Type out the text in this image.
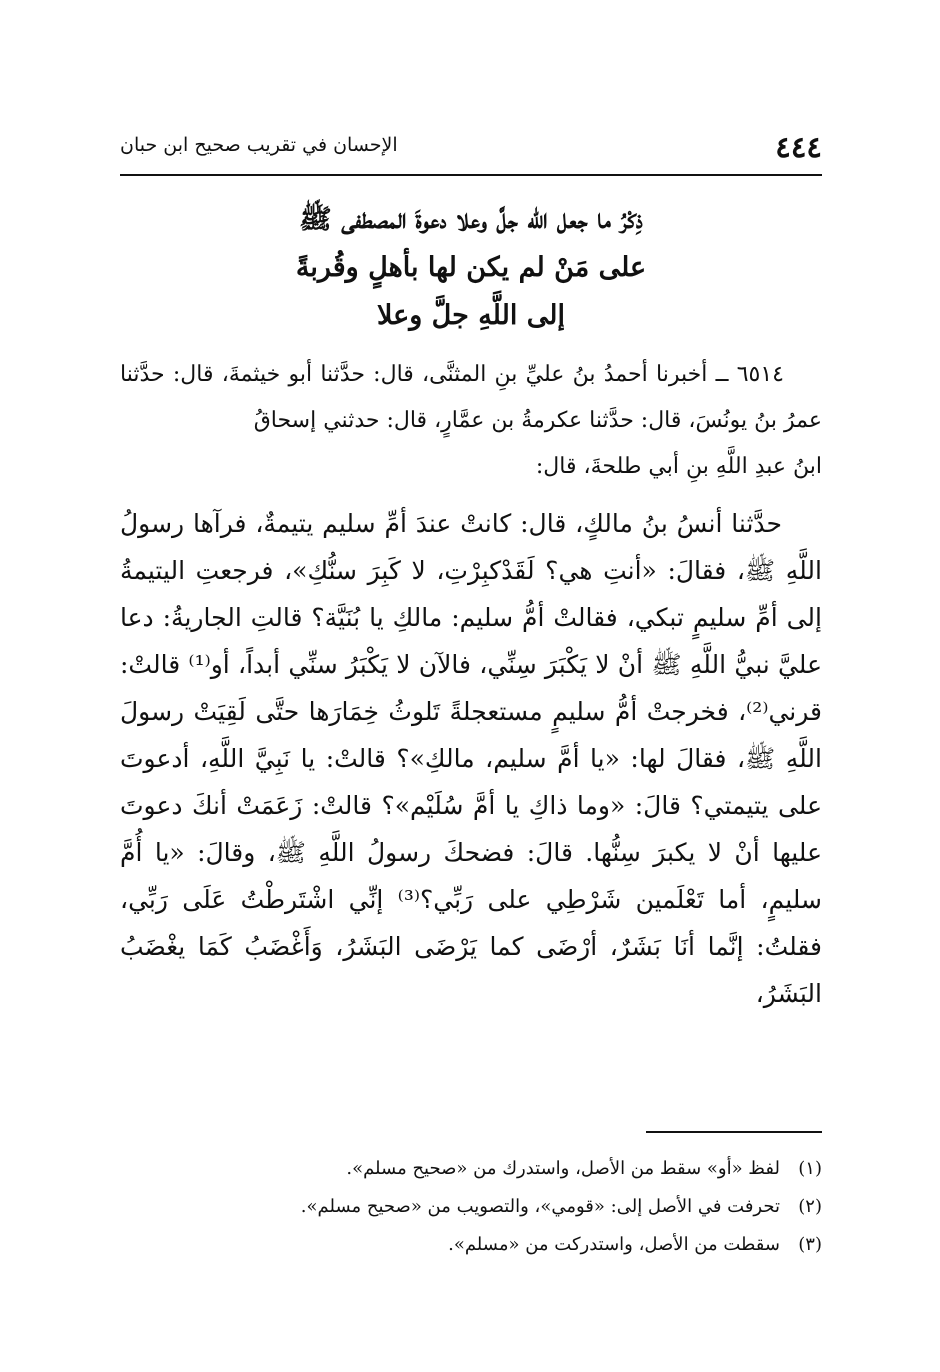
٤٤٤
الإحسان في تقريب صحيح ابن حبان
ذِكْرُ ما جعل الله جلَّ وعلا دعوةَ المصطفى ﷺ
على مَنْ لم يكن لها بأهلٍ وقُربةً
إلى اللَّهِ جلَّ وعلا

٦٥١٤ ــ أخبرنا أحمدُ بنُ عليِّ بنِ المثنَّى، قال: حدَّثنا أبو خيثمةَ، قال: حدَّثنا عمرُ بنُ يونُسَ، قال: حدَّثنا عكرمةُ بن عمَّارٍ، قال: حدثني إسحاقُ

ابنُ عبدِ اللَّهِ بنِ أبي طلحةَ، قال:

حدَّثنا أنسُ بنُ مالكٍ، قال: كانتْ عندَ أمِّ سليم يتيمةٌ، فرآها رسولُ اللَّهِ ﷺ، فقالَ: «أنتِ هي؟ لَقَدْكبِرْتِ، لا كَبِرَ سنُّكِ»، فرجعتِ اليتيمةُ إلى أمِّ سليمٍ تبكي، فقالتْ أمُّ سليم: مالكِ يا بُنَيَّة؟ قالتِ الجاريةُ: دعا عليَّ نبيُّ اللَّهِ ﷺ أنْ لا يَكْبَرَ سِنِّي، فالآن لا يَكْبَرُ سنِّي أبداً، أو⁽¹⁾ قالتْ: قرني⁽²⁾، فخرجتْ أمُّ سليمٍ مستعجلةً تَلوثُ خِمَارَها حتَّى لَقِيَتْ رسولَ اللَّهِ ﷺ، فقالَ لها: «يا أمَّ سليم، مالكِ»؟ قالتْ: يا نَبِيَّ اللَّهِ، أدعوتَ على يتيمتي؟ قالَ: «وما ذاكِ يا أمَّ سُلَيْم»؟ قالتْ: زَعَمَتْ أنكَ دعوتَ عليها أنْ لا يكبرَ سِنُّها. قالَ: فضحكَ رسولُ اللَّهِ ﷺ، وقالَ: «يا أُمَّ سليمٍ، أما تَعْلَمين شَرْطِي على رَبِّي؟⁽³⁾ إنِّي اشْتَرطْتُ عَلَى رَبِّي، فقلتُ: إنَّما أنَا بَشَرٌ، أرْضَى كما يَرْضَى البَشَرُ، وَأَغْضَبُ كَمَا يغْضَبُ البَشَرُ،

(١)
لفظ «أو» سقط من الأصل، واستدرك من «صحيح مسلم».
(٢)
تحرفت في الأصل إلى: «قومي»، والتصويب من «صحيح مسلم».
(٣)
سقطت من الأصل، واستدركت من «مسلم».
